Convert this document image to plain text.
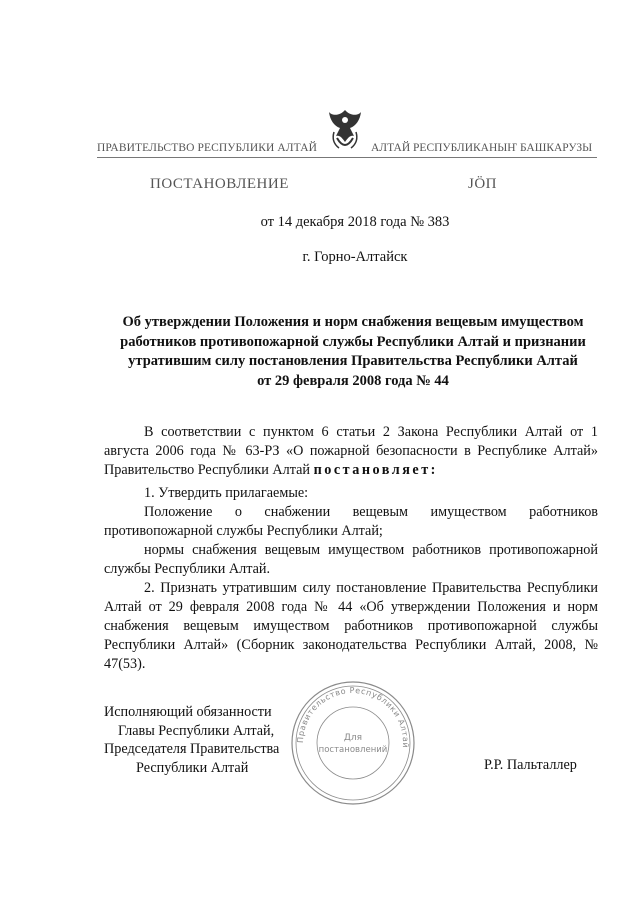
ПРАВИТЕЛЬСТВО РЕСПУБЛИКИ АЛТАЙ	АЛТАЙ РЕСПУБЛИКАНЫҤ БАШКАРУЗЫ
ПОСТАНОВЛЕНИЕ	ЈÖП
от 14 декабря 2018 года № 383
г. Горно-Алтайск
Об утверждении Положения и норм снабжения вещевым имуществом
работников противопожарной службы Республики Алтай и признании
утратившим силу постановления Правительства Республики Алтай
от 29 февраля 2008 года № 44

В соответствии с пунктом 6 статьи 2 Закона Республики Алтай от 1 августа 2006 года № 63-РЗ «О пожарной безопасности в Республике Алтай» Правительство Республики Алтай постановляет:

1. Утвердить прилагаемые:

Положение о снабжении вещевым имуществом работников противопожарной службы Республики Алтай;

нормы снабжения вещевым имуществом работников противопожарной службы Республики Алтай.

2. Признать утратившим силу постановление Правительства Республики Алтай от 29 февраля 2008 года № 44 «Об утверждении Положения и норм снабжения вещевым имуществом работников противопожарной службы Республики Алтай» (Сборник законодательства Республики Алтай, 2008, № 47(53).

Исполняющий обязанности
Главы Республики Алтай,
Председателя Правительства
Республики Алтай
Правительство Республики Алтай
Для
постановлений
Р.Р. Пальталлер
